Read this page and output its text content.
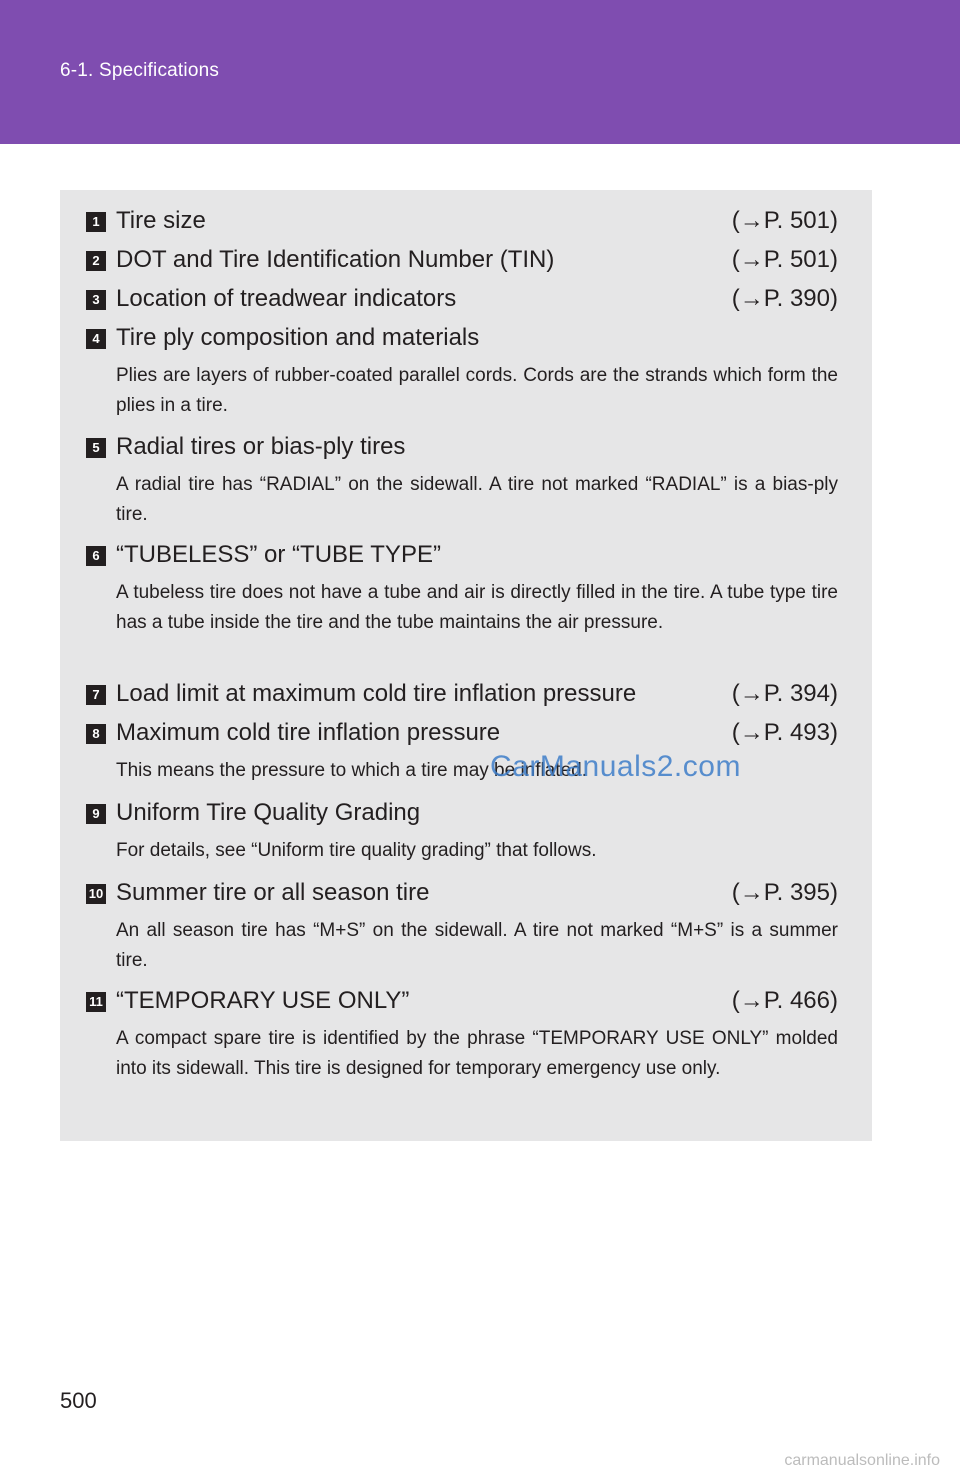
6-1. Specifications
1 Tire size	(→P. 501)
2 DOT and Tire Identification Number (TIN)	(→P. 501)
3 Location of treadwear indicators	(→P. 390)
4 Tire ply composition and materials
Plies are layers of rubber-coated parallel cords. Cords are the strands which form the plies in a tire.
5 Radial tires or bias-ply tires
A radial tire has “RADIAL” on the sidewall. A tire not marked “RADIAL” is a bias-ply tire.
6 “TUBELESS” or “TUBE TYPE”
A tubeless tire does not have a tube and air is directly filled in the tire. A tube type tire has a tube inside the tire and the tube maintains the air pressure.
7 Load limit at maximum cold tire inflation pressure	(→P. 394)
8 Maximum cold tire inflation pressure	(→P. 493)
This means the pressure to which a tire may be inflated.
9 Uniform Tire Quality Grading
For details, see “Uniform tire quality grading” that follows.
10 Summer tire or all season tire	(→P. 395)
An all season tire has “M+S” on the sidewall. A tire not marked “M+S” is a summer tire.
11 “TEMPORARY USE ONLY”	(→P. 466)
A compact spare tire is identified by the phrase “TEMPORARY USE ONLY” molded into its sidewall. This tire is designed for temporary emergency use only.
CarManuals2.com
500
carmanualsonline.info
